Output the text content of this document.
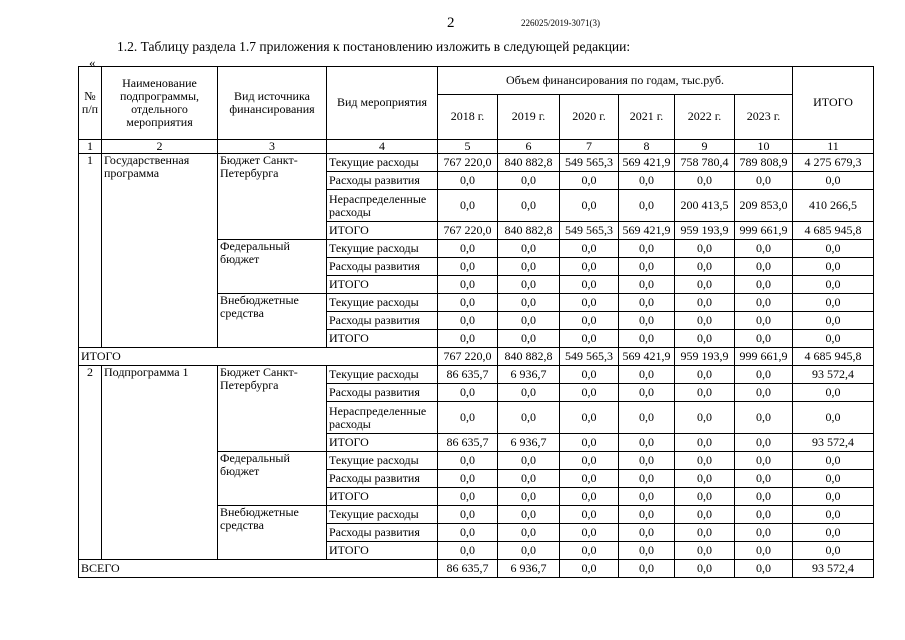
2	226025/2019-3071(3)
1.2. Таблицу раздела 1.7 приложения к постановлению изложить в следующей редакции:
«
№ п/п	Наименование подпрограммы, отдельного мероприятия	Вид источника финансирования	Вид мероприятия	Объем финансирования по годам, тыс.руб.						ИТОГО
				2018 г.	2019 г.	2020 г.	2021 г.	2022 г.	2023 г.	
1	2	3	4	5	6	7	8	9	10	11
1	Государственная программа	Бюджет Санкт-Петербурга	Текущие расходы	767 220,0	840 882,8	549 565,3	569 421,9	758 780,4	789 808,9	4 275 679,3
			Расходы развития	0,0	0,0	0,0	0,0	0,0	0,0	0,0
			Нераспределенные расходы	0,0	0,0	0,0	0,0	200 413,5	209 853,0	410 266,5
			ИТОГО	767 220,0	840 882,8	549 565,3	569 421,9	959 193,9	999 661,9	4 685 945,8
		Федеральный бюджет	Текущие расходы	0,0	0,0	0,0	0,0	0,0	0,0	0,0
			Расходы развития	0,0	0,0	0,0	0,0	0,0	0,0	0,0
			ИТОГО	0,0	0,0	0,0	0,0	0,0	0,0	0,0
		Внебюджетные средства	Текущие расходы	0,0	0,0	0,0	0,0	0,0	0,0	0,0
			Расходы развития	0,0	0,0	0,0	0,0	0,0	0,0	0,0
			ИТОГО	0,0	0,0	0,0	0,0	0,0	0,0	0,0
ИТОГО				767 220,0	840 882,8	549 565,3	569 421,9	959 193,9	999 661,9	4 685 945,8
2	Подпрограмма 1	Бюджет Санкт-Петербурга	Текущие расходы	86 635,7	6 936,7	0,0	0,0	0,0	0,0	93 572,4
			Расходы развития	0,0	0,0	0,0	0,0	0,0	0,0	0,0
			Нераспределенные расходы	0,0	0,0	0,0	0,0	0,0	0,0	0,0
			ИТОГО	86 635,7	6 936,7	0,0	0,0	0,0	0,0	93 572,4
		Федеральный бюджет	Текущие расходы	0,0	0,0	0,0	0,0	0,0	0,0	0,0
			Расходы развития	0,0	0,0	0,0	0,0	0,0	0,0	0,0
			ИТОГО	0,0	0,0	0,0	0,0	0,0	0,0	0,0
		Внебюджетные средства	Текущие расходы	0,0	0,0	0,0	0,0	0,0	0,0	0,0
			Расходы развития	0,0	0,0	0,0	0,0	0,0	0,0	0,0
			ИТОГО	0,0	0,0	0,0	0,0	0,0	0,0	0,0
ВСЕГО				86 635,7	6 936,7	0,0	0,0	0,0	0,0	93 572,4
